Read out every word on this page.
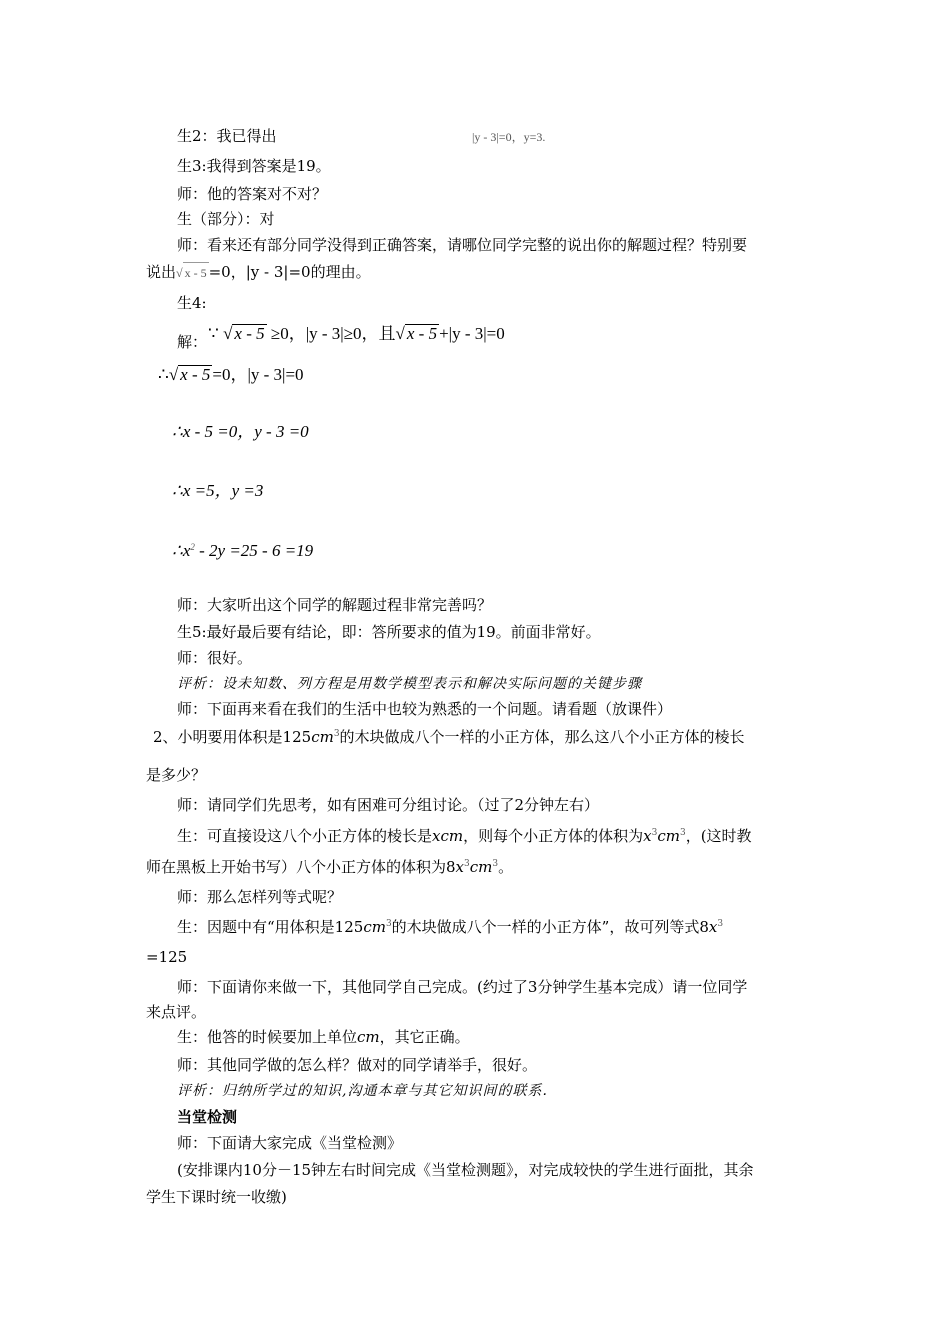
生2：我已得出	|y - 3|=0，y=3.
生3:我得到答案是19。
师：他的答案对不对？
生（部分）：对
师：看来还有部分同学没得到正确答案，请哪位同学完整的说出你的解题过程？特别要
说出√ x - 5 =0，|y - 3|=0的理由。
生4:
解： ∵ √ x - 5 ≥0，|y - 3|≥0，且√ x - 5 +|y - 3|=0
∴√ x - 5 =0，|y - 3|=0
∴x - 5 =0，y - 3 =0
∴x =5，y =3
$\therefore x^2 - 2y =25 - 6 =19$
师：大家听出这个同学的解题过程非常完善吗？
生5:最好最后要有结论，即：答所要求的值为19。前面非常好。
师：很好。
评析：设未知数、列方程是用数学模型表示和解决实际问题的关键步骤
师：下面再来看在我们的生活中也较为熟悉的一个问题。请看题（放课件）
2、小明要用体积是$125cm^3$的木块做成八个一样的小正方体，那么这八个小正方体的棱长
是多少？
师：请同学们先思考，如有困难可分组讨论。（过了2分钟左右）
生：可直接设这八个小正方体的棱长是xcm，则每个小正方体的体积为$x^3cm^3$，(这时教
师在黑板上开始书写）八个小正方体的体积为$8x^3cm^3$。
师：那么怎样列等式呢？
生：因题中有“用体积是$125cm^3$的木块做成八个一样的小正方体”，故可列等式$8x^3$
=125
师：下面请你来做一下，其他同学自己完成。(约过了3分钟学生基本完成）请一位同学
来点评。
生：他答的时候要加上单位cm，其它正确。
师：其他同学做的怎么样？做对的同学请举手，很好。
评析：归纳所学过的知识,沟通本章与其它知识间的联系.
当堂检测
师：下面请大家完成《当堂检测》
(安排课内10分－15钟左右时间完成《当堂检测题》，对完成较快的学生进行面批，其余
学生下课时统一收缴)
